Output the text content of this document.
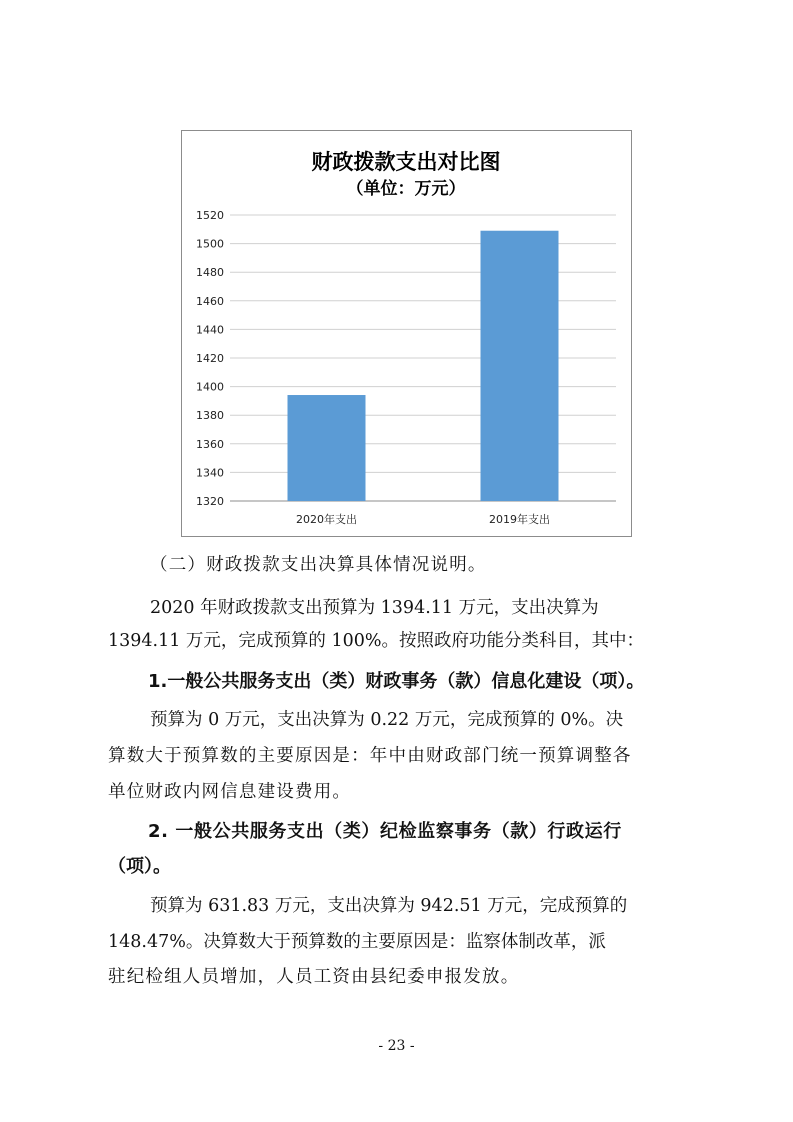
财政拨款支出对比图
（单位：万元）
1320
1340
1360
1380
1400
1420
1440
1460
1480
1500
1520
2020年支出	2019年支出
（二）财政拨款支出决算具体情况说明。
2020 年财政拨款支出预算为 1394.11 万元，支出决算为
1394.11 万元，完成预算的 100%。按照政府功能分类科目，其中：
1.一般公共服务支出（类）财政事务（款）信息化建设（项）。
预算为 0 万元，支出决算为 0.22 万元，完成预算的 0%。决
算数大于预算数的主要原因是：年中由财政部门统一预算调整各
单位财政内网信息建设费用。
2. 一般公共服务支出（类）纪检监察事务（款）行政运行
（项）。
预算为 631.83 万元，支出决算为 942.51 万元，完成预算的
148.47%。决算数大于预算数的主要原因是：监察体制改革，派
驻纪检组人员增加，人员工资由县纪委申报发放。
- 23 -
